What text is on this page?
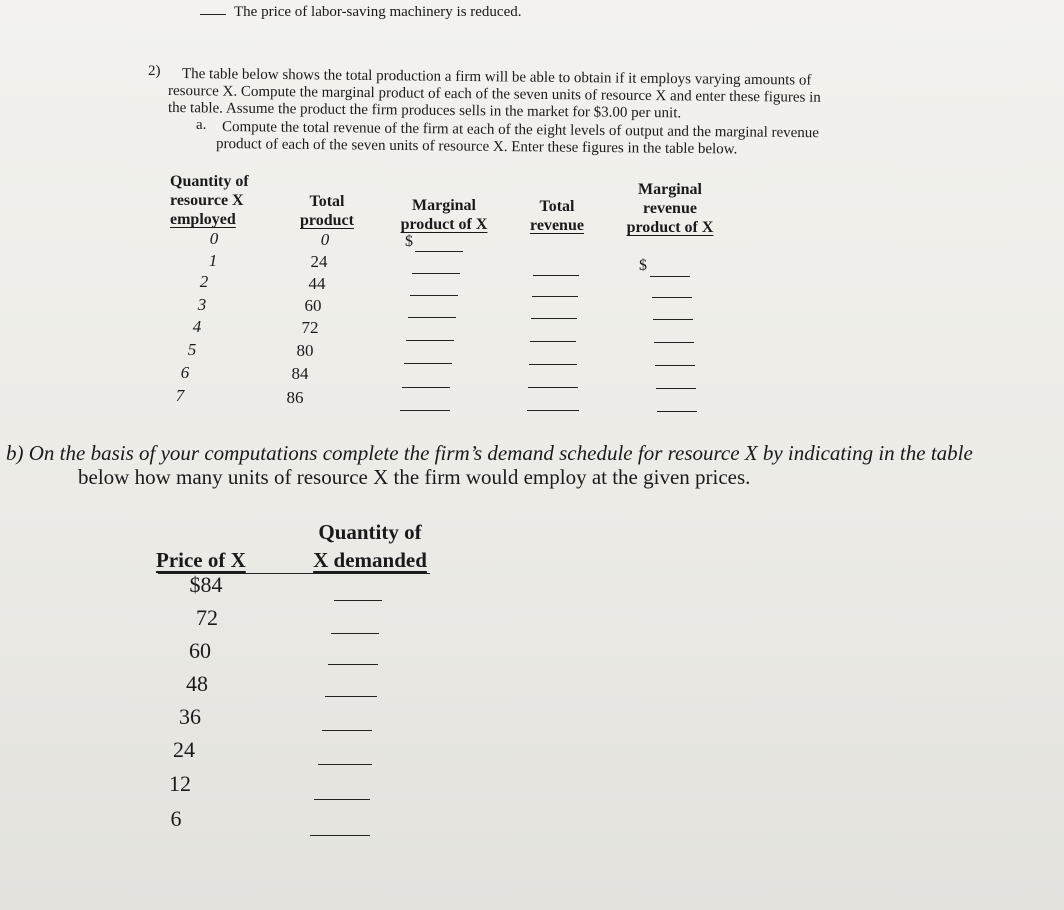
The price of labor-saving machinery is reduced.
2) The table below shows the total production a firm will be able to obtain if it employs varying amounts of
resource X. Compute the marginal product of each of the seven units of resource X and enter these figures in
the table. Assume the product the firm produces sells in the market for $3.00 per unit.
a. Compute the total revenue of the firm at each of the eight levels of output and the marginal revenue
product of each of the seven units of resource X. Enter these figures in the table below.
Quantity of
resource X
employed
Total
product
Marginal
product of X
Total
revenue
Marginal
revenue
product of X
0
1
2
3
4
5
6
7
0
24
44
60
72
80
84
86
$
$
b) On the basis of your computations complete the firm’s demand schedule for resource X by indicating in the table
below how many units of resource X the firm would employ at the given prices.
Quantity of
X demanded
Price of X
$84
72
60
48
36
24
12
6
